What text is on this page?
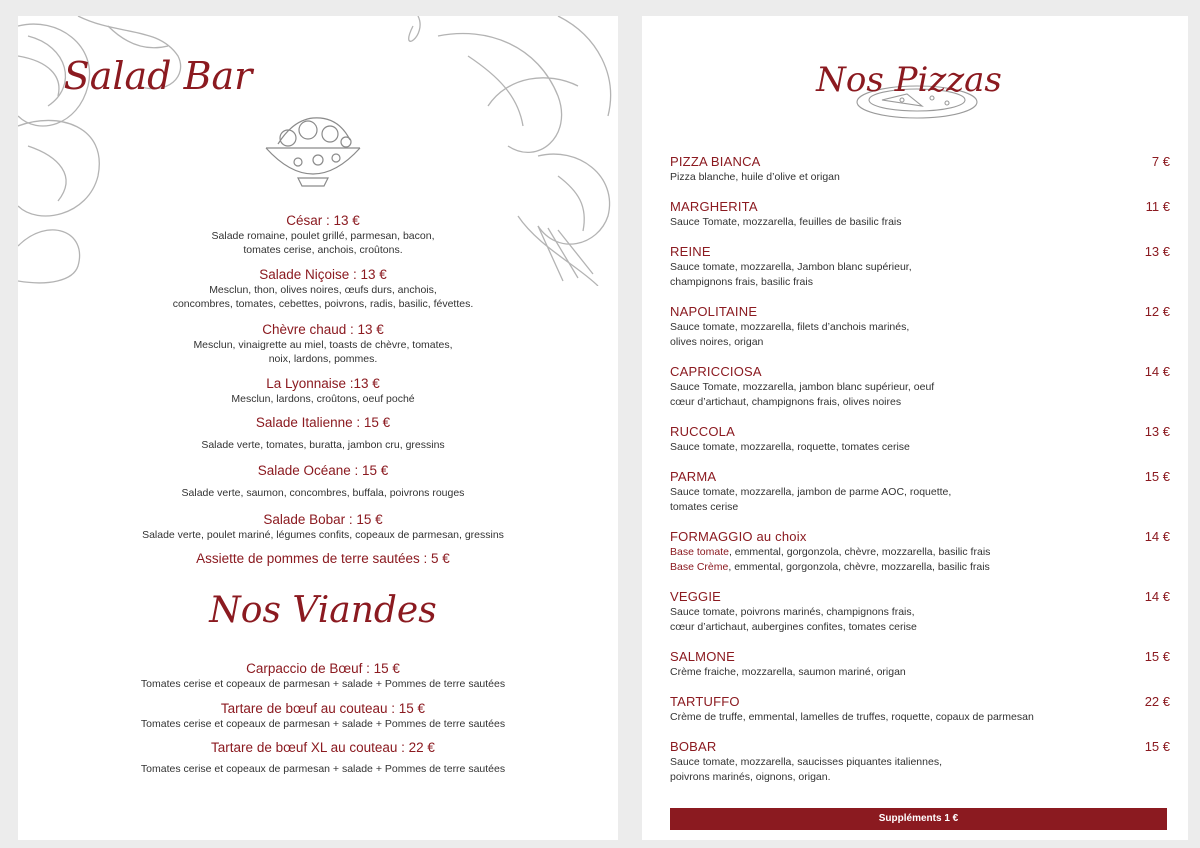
Salad Bar
César : 13 €
Salade romaine, poulet grillé, parmesan, bacon,
tomates cerise, anchois, croûtons.
Salade Niçoise : 13 €
Mesclun, thon, olives noires, œufs durs, anchois,
concombres, tomates, cebettes, poivrons, radis, basilic, févettes.
Chèvre chaud : 13 €
Mesclun, vinaigrette au miel, toasts de chèvre, tomates,
noix, lardons, pommes.
La Lyonnaise :13 €
Mesclun, lardons, croûtons, oeuf poché
Salade Italienne : 15 €
Salade verte, tomates, buratta, jambon cru, gressins
Salade Océane : 15 €
Salade verte, saumon, concombres, buffala, poivrons rouges
Salade Bobar : 15 €
Salade verte, poulet mariné, légumes confits, copeaux de parmesan, gressins
Assiette de pommes de terre sautées : 5 €
Nos Viandes
Carpaccio de Bœuf : 15 €
Tomates cerise et copeaux de parmesan + salade + Pommes de terre sautées
Tartare de bœuf au couteau : 15 €
Tomates cerise et copeaux de parmesan + salade + Pommes de terre sautées
Tartare de bœuf XL au couteau : 22 €
Tomates cerise et copeaux de parmesan + salade + Pommes de terre sautées
Nos Pizzas
PIZZA BIANCA	7 €
Pizza blanche, huile d’olive et origan
MARGHERITA	11 €
Sauce Tomate, mozzarella, feuilles de basilic frais
REINE	13 €
Sauce tomate, mozzarella, Jambon blanc supérieur,
champignons frais, basilic frais
NAPOLITAINE	12 €
Sauce tomate, mozzarella, filets d’anchois marinés,
olives noires, origan
CAPRICCIOSA	14 €
Sauce Tomate, mozzarella, jambon blanc supérieur, oeuf
cœur d’artichaut, champignons frais, olives noires
RUCCOLA	13 €
Sauce tomate, mozzarella, roquette, tomates cerise
PARMA	15 €
Sauce tomate, mozzarella, jambon de parme AOC, roquette,
tomates cerise
FORMAGGIO au choix	14 €
Base tomate, emmental, gorgonzola, chèvre, mozzarella, basilic frais
Base Crème, emmental, gorgonzola, chèvre, mozzarella, basilic frais
VEGGIE	14 €
Sauce tomate, poivrons marinés, champignons frais,
cœur d’artichaut, aubergines confites, tomates cerise
SALMONE	15 €
Crème fraiche, mozzarella, saumon mariné, origan
TARTUFFO	22 €
Crème de truffe, emmental, lamelles de truffes, roquette, copaux de parmesan
BOBAR	15 €
Sauce tomate, mozzarella, saucisses piquantes italiennes,
poivrons marinés, oignons, origan.
Suppléments 1 €
